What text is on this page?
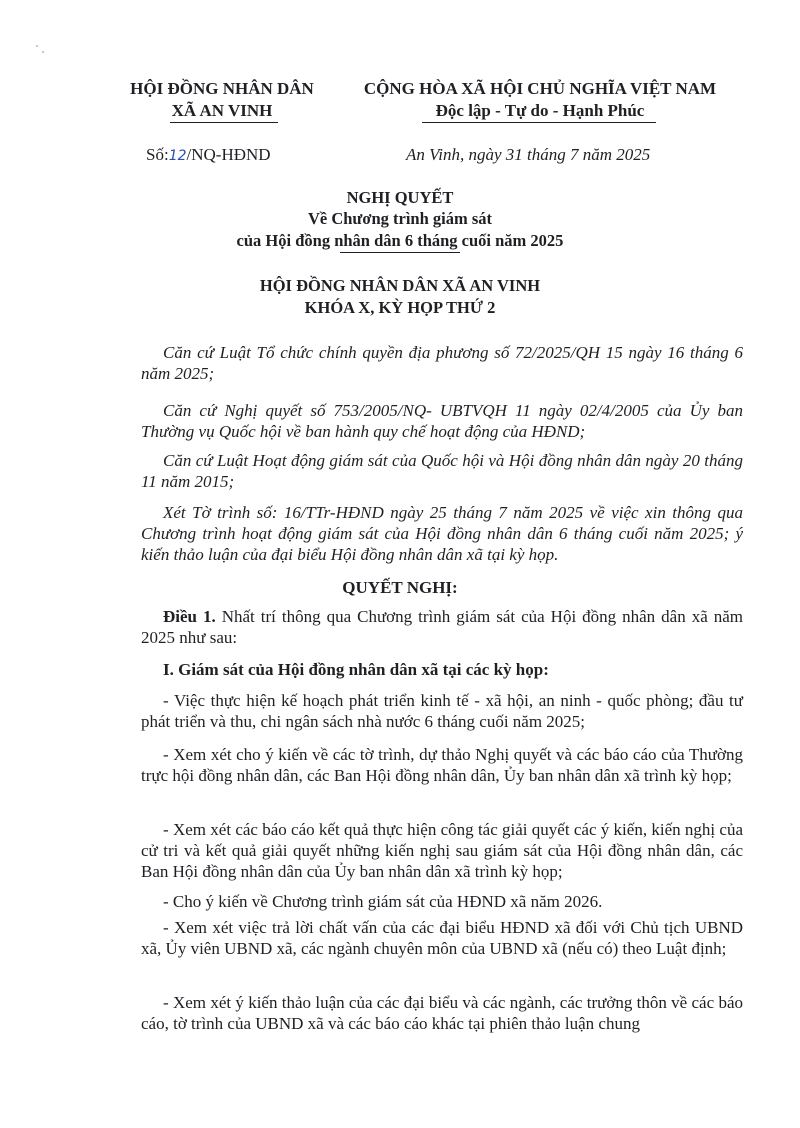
HỘI ĐỒNG NHÂN DÂN
XÃ AN VINH
CỘNG HÒA XÃ HỘI CHỦ NGHĨA VIỆT NAM
Độc lập - Tự do - Hạnh Phúc
Số:12/NQ-HĐND	An Vinh, ngày 31 tháng 7 năm 2025
NGHỊ QUYẾT
Về Chương trình giám sát
của Hội đồng nhân dân 6 tháng cuối năm 2025
HỘI ĐỒNG NHÂN DÂN XÃ AN VINH
KHÓA X, KỲ HỌP THỨ 2
Căn cứ Luật Tổ chức chính quyền địa phương số 72/2025/QH 15 ngày 16 tháng 6 năm 2025;
Căn cứ Nghị quyết số 753/2005/NQ- UBTVQH 11 ngày 02/4/2005 của Ủy ban Thường vụ Quốc hội về ban hành quy chế hoạt động của HĐND;
Căn cứ Luật Hoạt động giám sát của Quốc hội và Hội đồng nhân dân ngày 20 tháng 11 năm 2015;
Xét Tờ trình số: 16/TTr-HĐND ngày 25 tháng 7 năm 2025 về việc xin thông qua Chương trình hoạt động giám sát của Hội đồng nhân dân 6 tháng cuối năm 2025; ý kiến thảo luận của đại biểu Hội đồng nhân dân xã tại kỳ họp.
QUYẾT NGHỊ:
Điều 1. Nhất trí thông qua Chương trình giám sát của Hội đồng nhân dân xã năm 2025 như sau:
I. Giám sát của Hội đồng nhân dân xã tại các kỳ họp:
- Việc thực hiện kế hoạch phát triển kinh tế - xã hội, an ninh - quốc phòng; đầu tư phát triển và thu, chi ngân sách nhà nước 6 tháng cuối năm 2025;
- Xem xét cho ý kiến về các tờ trình, dự thảo Nghị quyết và các báo cáo của Thường trực hội đồng nhân dân, các Ban Hội đồng nhân dân, Ủy ban nhân dân xã trình kỳ họp;
- Xem xét các báo cáo kết quả thực hiện công tác giải quyết các ý kiến, kiến nghị của cử tri và kết quả giải quyết những kiến nghị sau giám sát của Hội đồng nhân dân, các Ban Hội đồng nhân dân của Ủy ban nhân dân xã trình kỳ họp;
- Cho ý kiến về Chương trình giám sát của HĐND xã năm 2026.
- Xem xét việc trả lời chất vấn của các đại biểu HĐND xã đối với Chủ tịch UBND xã, Ủy viên UBND xã, các ngành chuyên môn của UBND xã (nếu có) theo Luật định;
- Xem xét ý kiến thảo luận của các đại biểu và các ngành, các trưởng thôn về các báo cáo, tờ trình của UBND xã và các báo cáo khác tại phiên thảo luận chung
